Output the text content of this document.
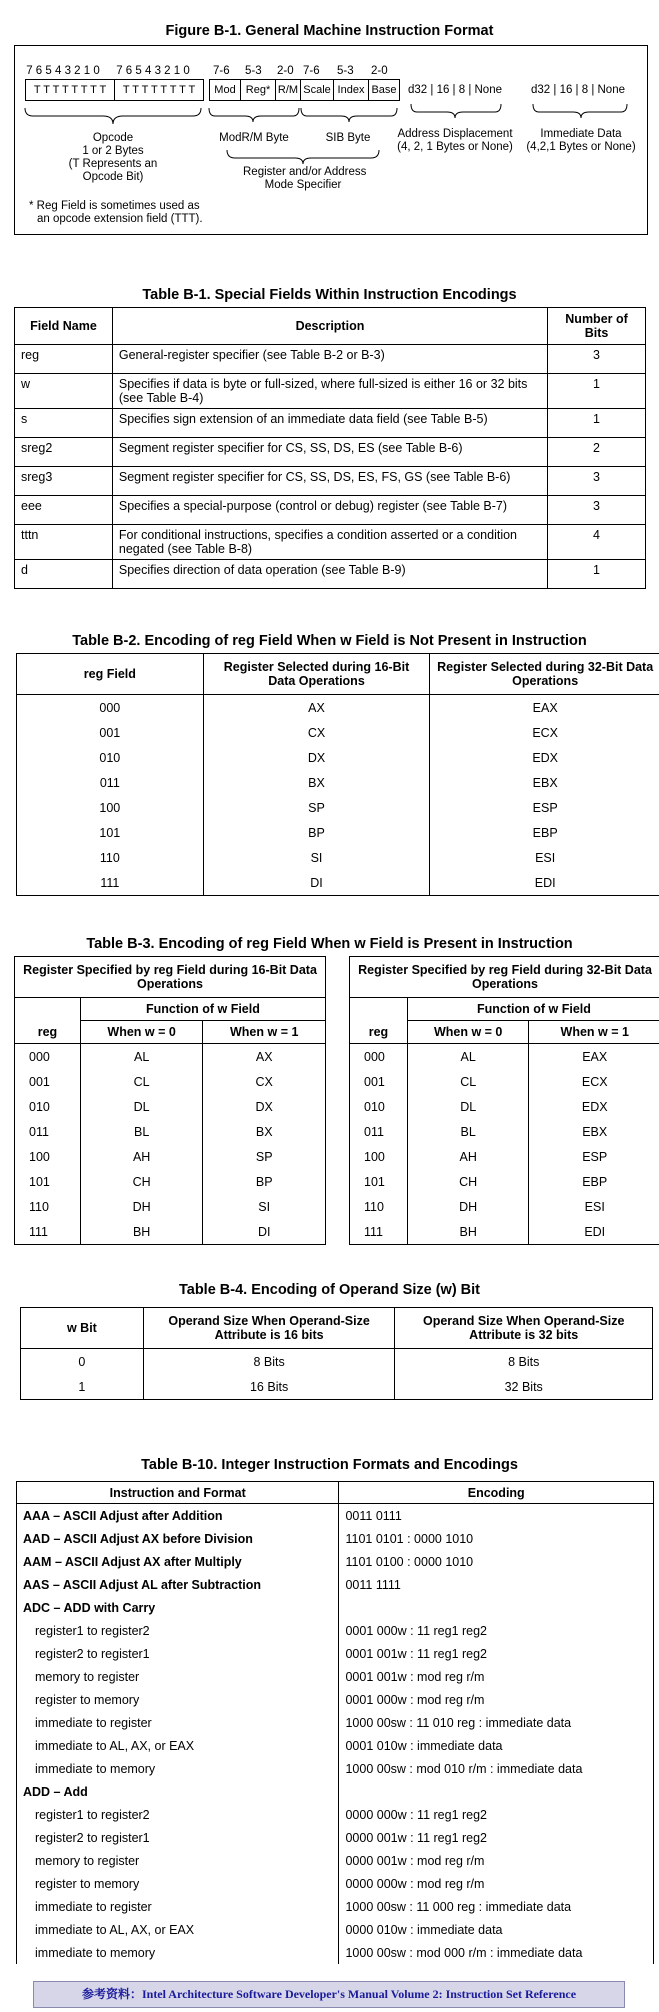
Figure B-1. General Machine Instruction Format
7 6 5 4 3 2 1 0	7 6 5 4 3 2 1 0	7-6 5-3 2-0 7-6 5-3 2-0
T T T T T T T T	T T T T T T T T	Mod Reg* R/M Scale Index Base d32 | 16 | 8 | None	d32 | 16 | 8 | None
Opcode
1 or 2 Bytes
(T Represents an
Opcode Bit)
ModR/M Byte	SIB Byte	Address Displacement
(4, 2, 1 Bytes or None)
Immediate Data
(4,2,1 Bytes or None)
Register and/or Address
Mode Specifier
* Reg Field is sometimes used as
an opcode extension field (TTT).
Table B-1. Special Fields Within Instruction Encodings
Field Name	Description	Number of Bits
reg	General-register specifier (see Table B-2 or B-3)	3
w	Specifies if data is byte or full-sized, where full-sized is either 16 or 32 bits (see Table B-4)	1
s	Specifies sign extension of an immediate data field (see Table B-5)	1
sreg2	Segment register specifier for CS, SS, DS, ES (see Table B-6)	2
sreg3	Segment register specifier for CS, SS, DS, ES, FS, GS (see Table B-6)	3
eee	Specifies a special-purpose (control or debug) register (see Table B-7)	3
tttn	For conditional instructions, specifies a condition asserted or a condition negated (see Table B-8)	4
d	Specifies direction of data operation (see Table B-9)	1
Table B-2. Encoding of reg Field When w Field is Not Present in Instruction
reg Field	Register Selected during 16-Bit Data Operations	Register Selected during 32-Bit Data Operations
000	AX	EAX
001	CX	ECX
010	DX	EDX
011	BX	EBX
100	SP	ESP
101	BP	EBP
110	SI	ESI
111	DI	EDI
Table B-3. Encoding of reg Field When w Field is Present in Instruction
Register Specified by reg Field during 16-Bit Data Operations		
	Function of w Field	
reg	When w = 0	When w = 1
000	AL	AX
001	CL	CX
010	DL	DX
011	BL	BX
100	AH	SP
101	CH	BP
110	DH	SI
111	BH	DI
Register Specified by reg Field during 32-Bit Data Operations		
	Function of w Field	
reg	When w = 0	When w = 1
000	AL	EAX
001	CL	ECX
010	DL	EDX
011	BL	EBX
100	AH	ESP
101	CH	EBP
110	DH	ESI
111	BH	EDI
Table B-4. Encoding of Operand Size (w) Bit
w Bit	Operand Size When Operand-Size Attribute is 16 bits	Operand Size When Operand-Size Attribute is 32 bits
0	8 Bits	8 Bits
1	16 Bits	32 Bits
Table B-10. Integer Instruction Formats and Encodings
Instruction and Format	Encoding
AAA – ASCII Adjust after Addition	0011 0111
AAD – ASCII Adjust AX before Division	1101 0101 : 0000 1010
AAM – ASCII Adjust AX after Multiply	1101 0100 : 0000 1010
AAS – ASCII Adjust AL after Subtraction	0011 1111
ADC – ADD with Carry	
register1 to register2	0001 000w : 11 reg1 reg2
register2 to register1	0001 001w : 11 reg1 reg2
memory to register	0001 001w : mod reg r/m
register to memory	0001 000w : mod reg r/m
immediate to register	1000 00sw : 11 010 reg : immediate data
immediate to AL, AX, or EAX	0001 010w : immediate data
immediate to memory	1000 00sw : mod 010 r/m : immediate data
ADD – Add	
register1 to register2	0000 000w : 11 reg1 reg2
register2 to register1	0000 001w : 11 reg1 reg2
memory to register	0000 001w : mod reg r/m
register to memory	0000 000w : mod reg r/m
immediate to register	1000 00sw : 11 000 reg : immediate data
immediate to AL, AX, or EAX	0000 010w : immediate data
immediate to memory	1000 00sw : mod 000 r/m : immediate data
参考资料：Intel Architecture Software Developer's Manual Volume 2: Instruction Set Reference
